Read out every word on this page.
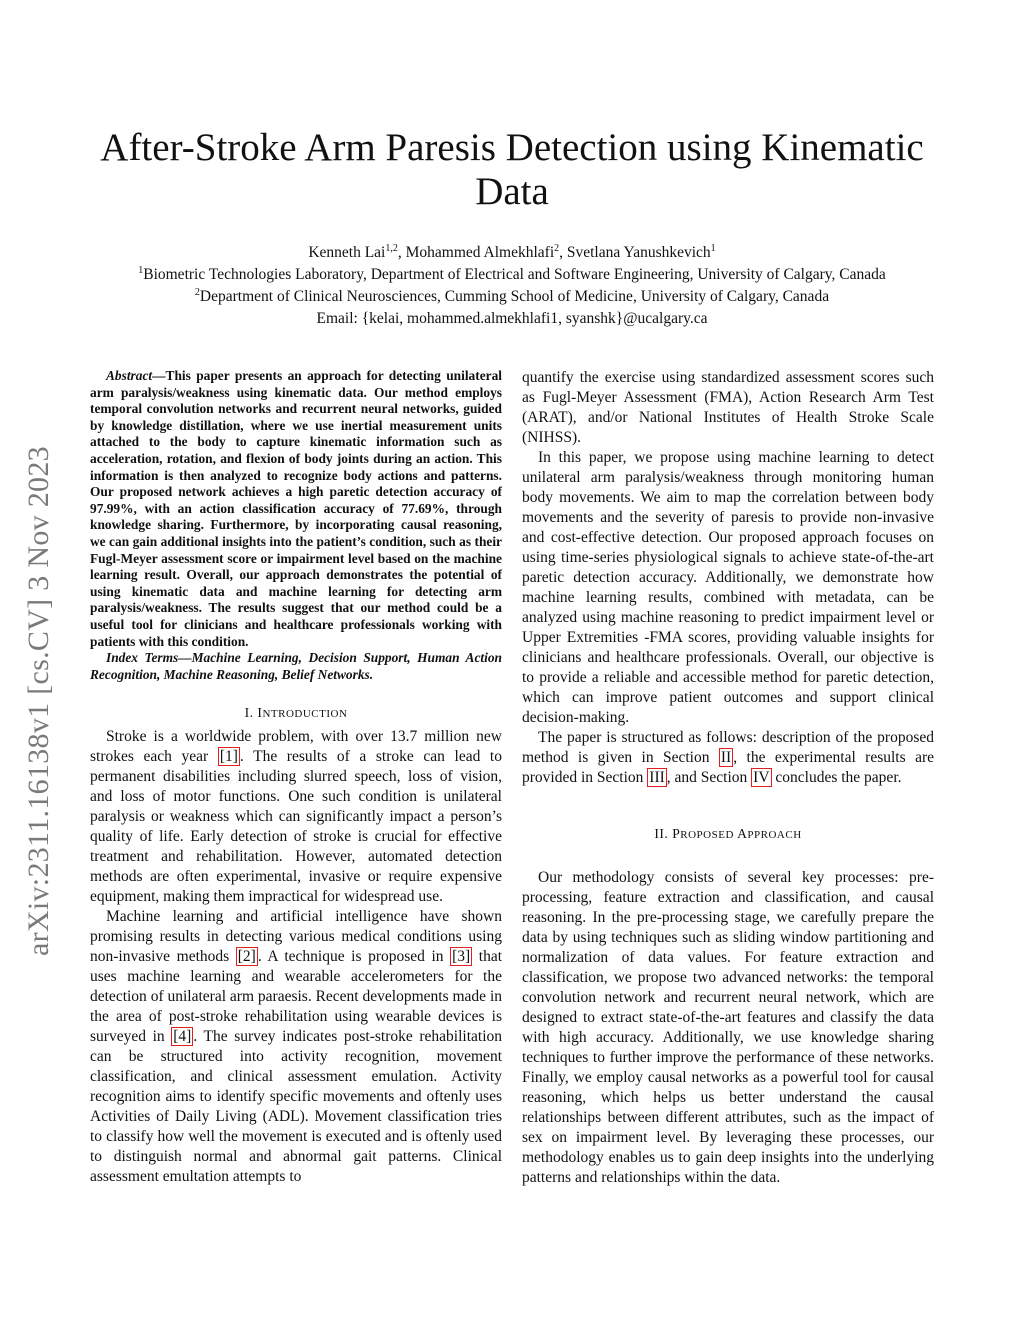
After-Stroke Arm Paresis Detection using Kinematic Data
Kenneth Lai$^{1,2}$, Mohammed Almekhlafi$^2$, Svetlana Yanushkevich$^1$
$^1$Biometric Technologies Laboratory, Department of Electrical and Software Engineering, University of Calgary, Canada
$^2$Department of Clinical Neurosciences, Cumming School of Medicine, University of Calgary, Canada
Email: {kelai, mohammed.almekhlafi1, syanshk}@ucalgary.ca
arXiv:2311.16138v1 [cs.CV] 3 Nov 2023

Abstract—This paper presents an approach for detecting unilateral arm paralysis/weakness using kinematic data. Our method employs temporal convolution networks and recurrent neural networks, guided by knowledge distillation, where we use inertial measurement units attached to the body to capture kinematic information such as acceleration, rotation, and flexion of body joints during an action. This information is then analyzed to recognize body actions and patterns. Our proposed network achieves a high paretic detection accuracy of 97.99%, with an action classification accuracy of 77.69%, through knowledge sharing. Furthermore, by incorporating causal reasoning, we can gain additional insights into the patient’s condition, such as their Fugl-Meyer assessment score or impairment level based on the machine learning result. Overall, our approach demonstrates the potential of using kinematic data and machine learning for detecting arm paralysis/weakness. The results suggest that our method could be a useful tool for clinicians and healthcare professionals working with patients with this condition.

Index Terms—Machine Learning, Decision Support, Human Action Recognition, Machine Reasoning, Belief Networks.

I. INTRODUCTION

Stroke is a worldwide problem, with over 13.7 million new strokes each year [1] . The results of a stroke can lead to permanent disabilities including slurred speech, loss of vision, and loss of motor functions. One such condition is unilateral paralysis or weakness which can significantly impact a person’s quality of life. Early detection of stroke is crucial for effective treatment and rehabilitation. However, automated detection methods are often experimental, invasive or require expensive equipment, making them impractical for widespread use.

Machine learning and artificial intelligence have shown promising results in detecting various medical conditions using non-invasive methods [2] . A technique is proposed in [3] that uses machine learning and wearable accelerometers for the detection of unilateral arm paraesis. Recent developments made in the area of post-stroke rehabilitation using wearable devices is surveyed in [4] . The survey indicates post-stroke rehabilitation can be structured into activity recognition, movement classification, and clinical assessment emulation. Activity recognition aims to identify specific movements and oftenly uses Activities of Daily Living (ADL). Movement classification tries to classify how well the movement is executed and is oftenly used to distinguish normal and abnormal gait patterns. Clinical assessment emultation attempts to

quantify the exercise using standardized assessment scores such as Fugl-Meyer Assessment (FMA), Action Research Arm Test (ARAT), and/or National Institutes of Health Stroke Scale (NIHSS).

In this paper, we propose using machine learning to detect unilateral arm paralysis/weakness through monitoring human body movements. We aim to map the correlation between body movements and the severity of paresis to provide non-invasive and cost-effective detection. Our proposed approach focuses on using time-series physiological signals to achieve state-of-the-art paretic detection accuracy. Additionally, we demonstrate how machine learning results, combined with metadata, can be analyzed using machine reasoning to predict impairment level or Upper Extremities -FMA scores, providing valuable insights for clinicians and healthcare professionals. Overall, our objective is to provide a reliable and accessible method for paretic detection, which can improve patient outcomes and support clinical decision-making.

The paper is structured as follows: description of the proposed method is given in Section II , the experimental results are provided in Section III , and Section IV concludes the paper.

II. PROPOSED APPROACH

Our methodology consists of several key processes: pre-processing, feature extraction and classification, and causal reasoning. In the pre-processing stage, we carefully prepare the data by using techniques such as sliding window partitioning and normalization of data values. For feature extraction and classification, we propose two advanced networks: the temporal convolution network and recurrent neural network, which are designed to extract state-of-the-art features and classify the data with high accuracy. Additionally, we use knowledge sharing techniques to further improve the performance of these networks. Finally, we employ causal networks as a powerful tool for causal reasoning, which helps us better understand the causal relationships between different attributes, such as the impact of sex on impairment level. By leveraging these processes, our methodology enables us to gain deep insights into the underlying patterns and relationships within the data.
